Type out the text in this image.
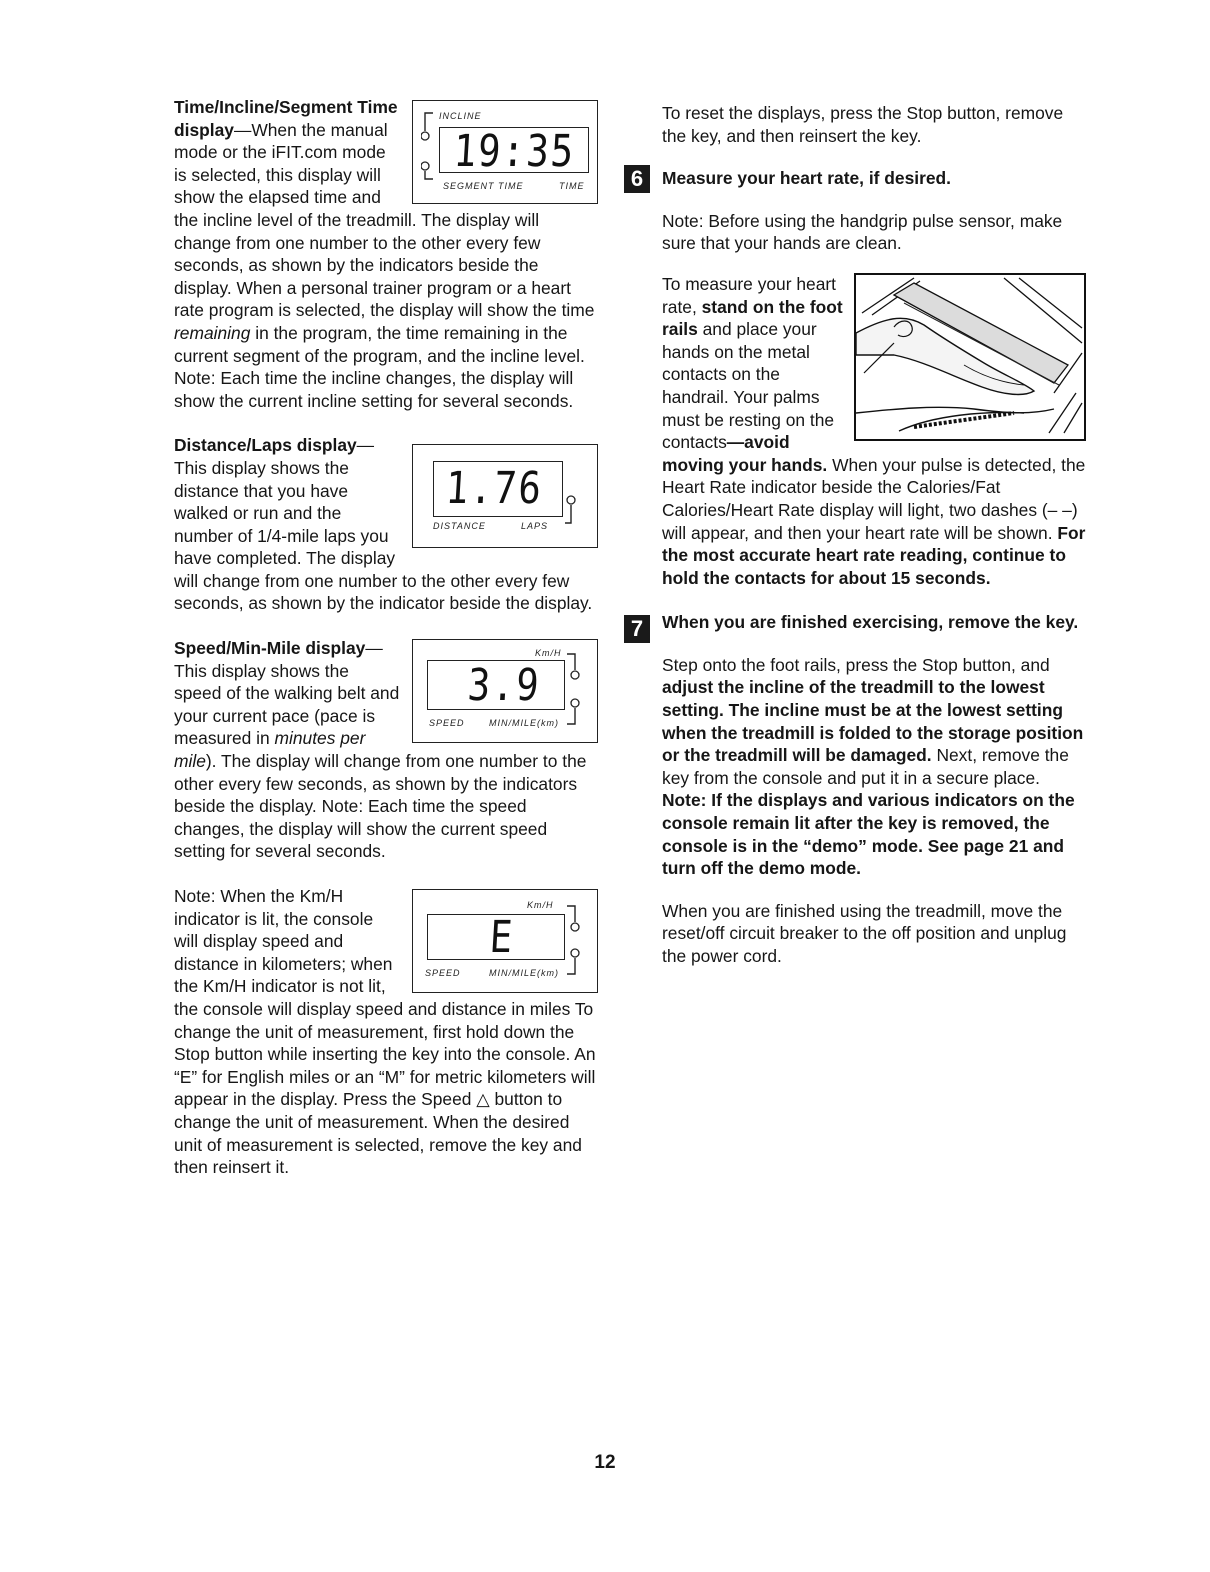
INCLINE
19:35
SEGMENT TIME	TIME

Time/Incline/Segment Time display—When the manual mode or the iFIT.com mode is selected, this display will show the elapsed time and the incline level of the treadmill. The display will change from one number to the other every few seconds, as shown by the indicators beside the display. When a personal trainer program or a heart rate program is selected, the display will show the time remaining in the program, the time remaining in the current segment of the program, and the incline level. Note: Each time the incline changes, the display will show the current incline setting for several seconds.

1.76
DISTANCE	LAPS

Distance/Laps display—This display shows the distance that you have walked or run and the number of 1/4-mile laps you have completed. The display will change from one number to the other every few seconds, as shown by the indicator beside the display.

Km/H
3.9
SPEED	MIN/MILE(km)

Speed/Min-Mile display—This display shows the speed of the walking belt and your current pace (pace is measured in minutes per mile). The display will change from one number to the other every few seconds, as shown by the indicators beside the display. Note: Each time the speed changes, the display will show the current speed setting for several seconds.

Km/H
E
SPEED	MIN/MILE(km)

Note: When the Km/H indicator is lit, the console will display speed and distance in kilometers; when the Km/H indicator is not lit, the console will display speed and distance in miles To change the unit of measurement, first hold down the Stop button while inserting the key into the console. An “E” for English miles or an “M” for metric kilometers will appear in the display. Press the Speed △ button to change the unit of measurement. When the desired unit of measurement is selected, remove the key and then reinsert it.

To reset the displays, press the Stop button, remove the key, and then reinsert the key.

6	Measure your heart rate, if desired.

Note: Before using the handgrip pulse sensor, make sure that your hands are clean.

To measure your heart rate, stand on the foot rails and place your hands on the metal contacts on the handrail. Your palms must be resting on the contacts—avoid moving your hands. When your pulse is detected, the Heart Rate indicator beside the Calories/Fat Calories/Heart Rate display will light, two dashes (– –) will appear, and then your heart rate will be shown. For the most accurate heart rate reading, continue to hold the contacts for about 15 seconds.

7	When you are finished exercising, remove the key.

Step onto the foot rails, press the Stop button, and adjust the incline of the treadmill to the lowest setting. The incline must be at the lowest setting when the treadmill is folded to the storage position or the treadmill will be damaged. Next, remove the key from the console and put it in a secure place. Note: If the displays and various indicators on the console remain lit after the key is removed, the console is in the “demo” mode. See page 21 and turn off the demo mode.

When you are finished using the treadmill, move the reset/off circuit breaker to the off position and unplug the power cord.

12
